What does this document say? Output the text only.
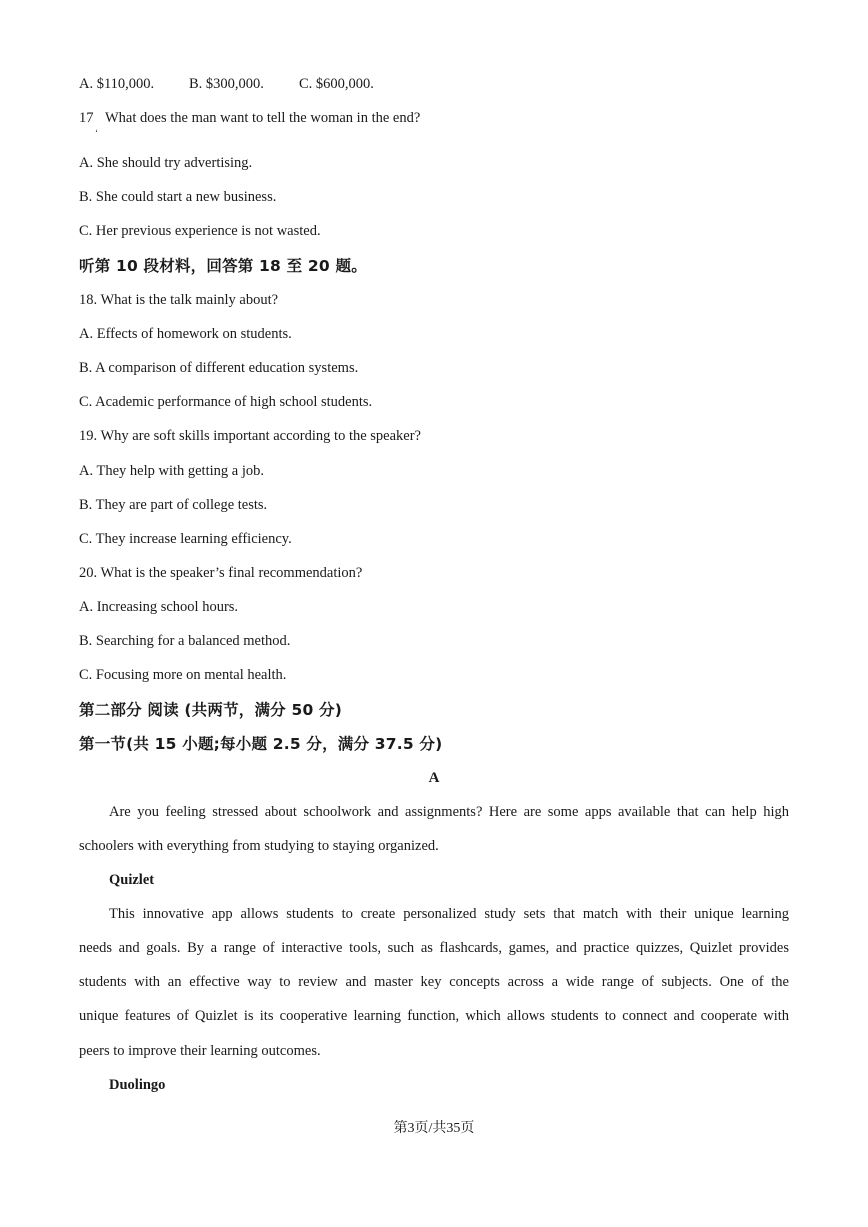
A. $110,000. B. $300,000. C. $600,000.
17 What does the man want to tell the woman in the end?
ʻ
A. She should try advertising.
B. She could start a new business.
C. Her previous experience is not wasted.
听第 10 段材料，回答第 18 至 20 题。
18. What is the talk mainly about?
A. Effects of homework on students.
B. A comparison of different education systems.
C. Academic performance of high school students.
19. Why are soft skills important according to the speaker?
A. They help with getting a job.
B. They are part of college tests.
C. They increase learning efficiency.
20. What is the speaker’s final recommendation?
A. Increasing school hours.
B. Searching for a balanced method.
C. Focusing more on mental health.
第二部分 阅读 (共两节，满分 50 分)
第一节(共 15 小题;每小题 2.5 分，满分 37.5 分)
A
Are you feeling stressed about schoolwork and assignments? Here are some apps available that can help high
schoolers with everything from studying to staying organized.
Quizlet
This innovative app allows students to create personalized study sets that match with their unique learning
needs and goals. By a range of interactive tools, such as flashcards, games, and practice quizzes, Quizlet provides
students with an effective way to review and master key concepts across a wide range of subjects. One of the
unique features of Quizlet is its cooperative learning function, which allows students to connect and cooperate with
peers to improve their learning outcomes.
Duolingo
第3页/共35页
